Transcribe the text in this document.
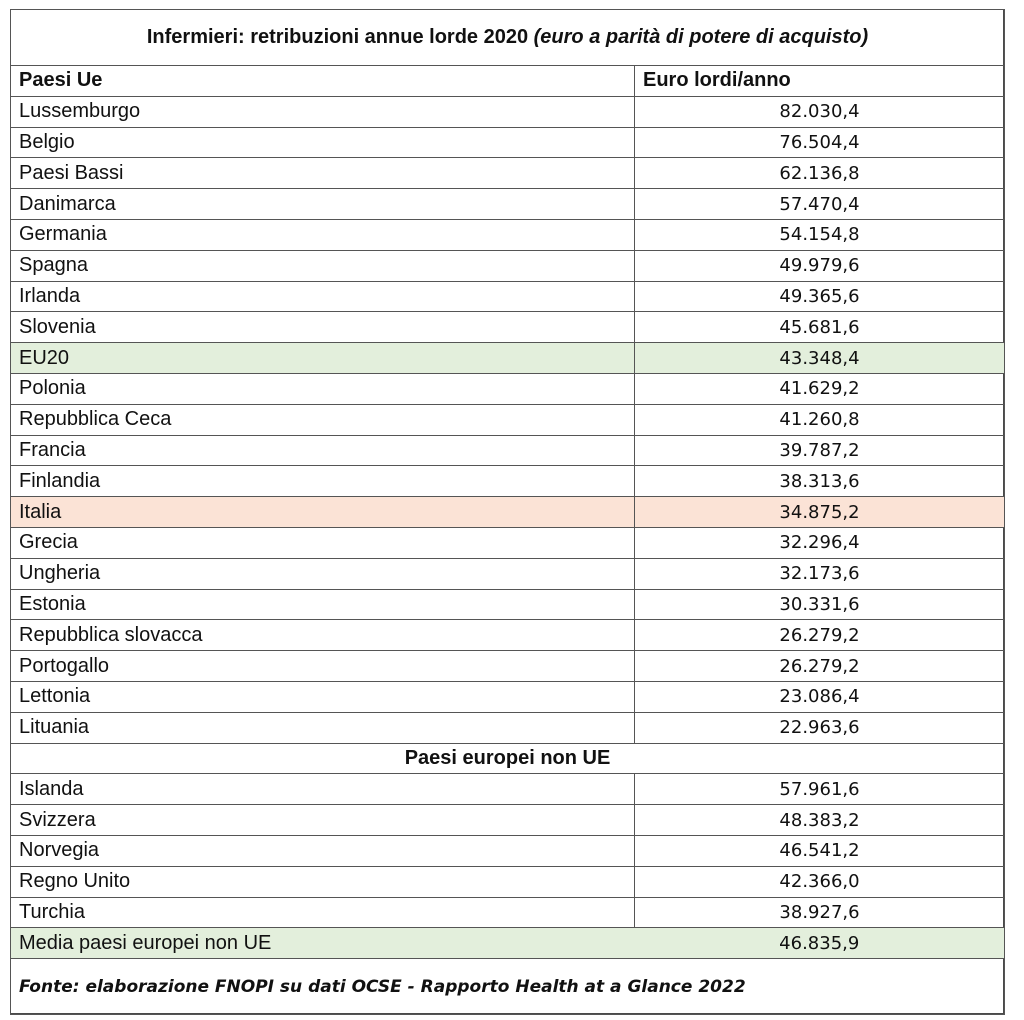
Infermieri: retribuzioni annue lorde 2020 (euro a parità di potere di acquisto)	
Paesi Ue	Euro lordi/anno
Lussemburgo	82.030,4
Belgio	76.504,4
Paesi Bassi	62.136,8
Danimarca	57.470,4
Germania	54.154,8
Spagna	49.979,6
Irlanda	49.365,6
Slovenia	45.681,6
EU20	43.348,4
Polonia	41.629,2
Repubblica Ceca	41.260,8
Francia	39.787,2
Finlandia	38.313,6
Italia	34.875,2
Grecia	32.296,4
Ungheria	32.173,6
Estonia	30.331,6
Repubblica slovacca	26.279,2
Portogallo	26.279,2
Lettonia	23.086,4
Lituania	22.963,6
Paesi europei non UE	
Islanda	57.961,6
Svizzera	48.383,2
Norvegia	46.541,2
Regno Unito	42.366,0
Turchia	38.927,6
Media paesi europei non UE	46.835,9
Fonte: elaborazione FNOPI su dati OCSE - Rapporto Health at a Glance 2022	
